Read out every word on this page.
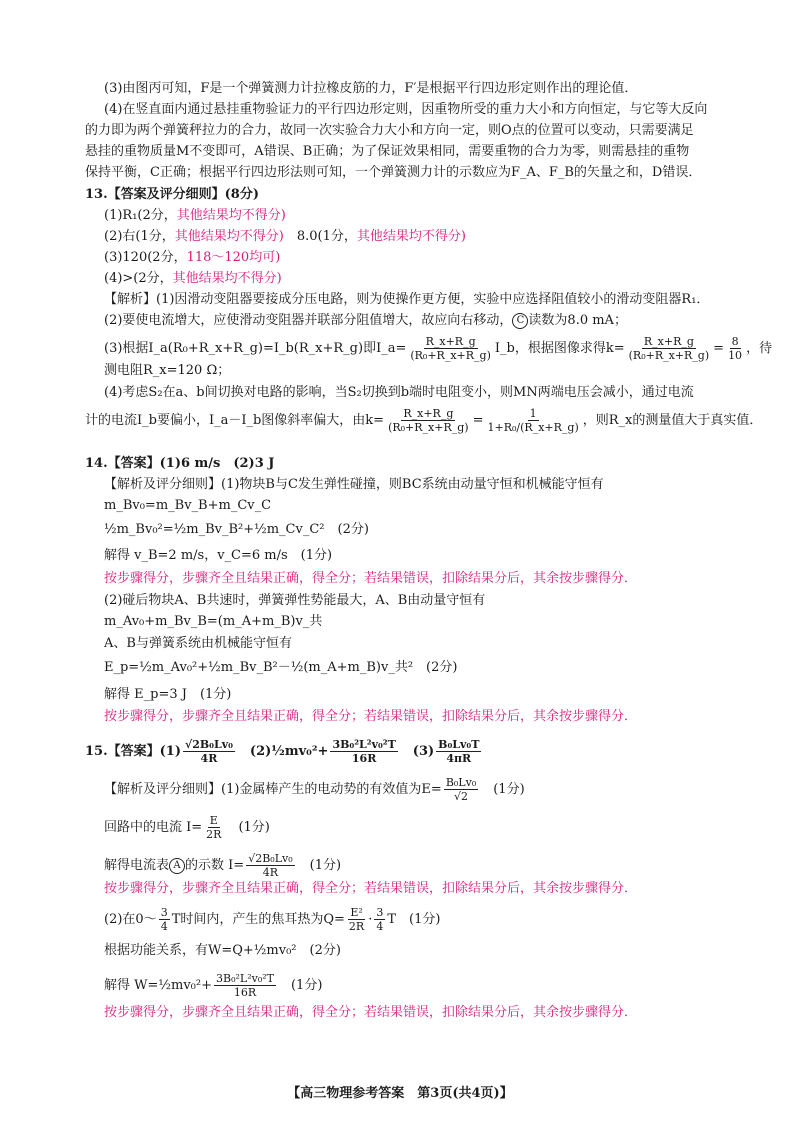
(3)由图丙可知，F是一个弹簧测力计拉橡皮筋的力，F′是根据平行四边形定则作出的理论值．
(4)在竖直面内通过悬挂重物验证力的平行四边形定则，因重物所受的重力大小和方向恒定，与它等大反向
的力即为两个弹簧秤拉力的合力，故同一次实验合力大小和方向一定，则O点的位置可以变动，只需要满足
悬挂的重物质量M不变即可，A错误、B正确；为了保证效果相同，需要重物的合力为零，则需悬挂的重物
保持平衡，C正确；根据平行四边形法则可知，一个弹簧测力计的示数应为F_A、F_B的矢量之和，D错误．
13.【答案及评分细则】(8分)
(1)R₁(2分，其他结果均不得分)
(2)右(1分，其他结果均不得分)　 8.0(1分，其他结果均不得分)
(3)120(2分，118～120均可)
(4)>(2分，其他结果均不得分)
【解析】(1)因滑动变阻器要接成分压电路，则为使操作更方便，实验中应选择阻值较小的滑动变阻器R₁．
(2)要使电流增大，应使滑动变阻器并联部分阻值增大，故应向右移动， C 读数为8.0 mA；
(3)根据I_a(R₀+R_x+R_g)=I_b(R_x+R_g)即I_a= $\frac{R\_x+R\_g}{\text{(R₀+R\_x+R\_g)}}$ I_b，根据图像求得$k= \frac{R\_x+R\_g}{\text{(R₀+R\_x+R\_g)}} = \frac{8}{10}$ ，待
测电阻R_x=120 Ω；
(4)考虑S₂在a、b间切换对电路的影响，当S₂切换到b端时电阻变小，则MN两端电压会减小，通过电流
计的电流I_b要偏小，I_a－I_b图像斜率偏大，由$k= \frac{R\_x+R\_g}{\text{(R₀+R\_x+R\_g)}} = \frac{1}{\text{1+R₀/(R\_x+R\_g)}}$ ，则R_x的测量值大于真实值．
14.【答案】(1)6 m/s　(2)3 J
【解析及评分细则】(1)物块B与C发生弹性碰撞，则BC系统由动量守恒和机械能守恒有
m_Bv₀=m_Bv_B+m_Cv_C
½m_Bv₀²=½m_Bv_B²+½m_Cv_C²　(2分)
解得 v_B=2 m/s，v_C=6 m/s　(1分)
按步骤得分，步骤齐全且结果正确，得全分；若结果错误，扣除结果分后，其余按步骤得分．
(2)碰后物块A、B共速时，弹簧弹性势能最大，A、B由动量守恒有
m_Av₀+m_Bv_B=(m_A+m_B)v_共
A、B与弹簧系统由机械能守恒有
E_p=½m_Av₀²+½m_Bv_B²－½(m_A+m_B)v_共²　(2分)
解得 E_p=3 J　(1分)
按步骤得分，步骤齐全且结果正确，得全分；若结果错误，扣除结果分后，其余按步骤得分．
15.【答案】$(1) \frac{\text{√2B₀Lv₀}}{4R}$ 　(2)½mv₀²+ $\frac{\text{3B₀²L²v₀²T}}{16R}$ 　$(3) \frac{\text{B₀Lv₀T}}{4\pi R}$
【解析及评分细则】(1)金属棒产生的电动势的有效值为$E= \frac{\text{B₀Lv₀}}{√2}$ 　(1分)
回路中的电流 $I= \frac{E}{2R}$ 　(1分)
解得电流表 A 的示数 $I= \frac{\text{√2B₀Lv₀}}{4R}$ 　(1分)
按步骤得分，步骤齐全且结果正确，得全分；若结果错误，扣除结果分后，其余按步骤得分．
(2)在0～ $\frac{3}{4}$ T时间内，产生的焦耳热为$Q= \frac{\text{E²}}{2R} \cdot \frac{3}{4}$ T　(1分)
根据功能关系，有W=Q+½mv₀²　(2分)
解得 W=½mv₀²+ $\frac{\text{3B₀²L²v₀²T}}{16R}$ 　(1分)
按步骤得分，步骤齐全且结果正确，得全分；若结果错误，扣除结果分后，其余按步骤得分．
【高三物理参考答案　第3页(共4页)】
